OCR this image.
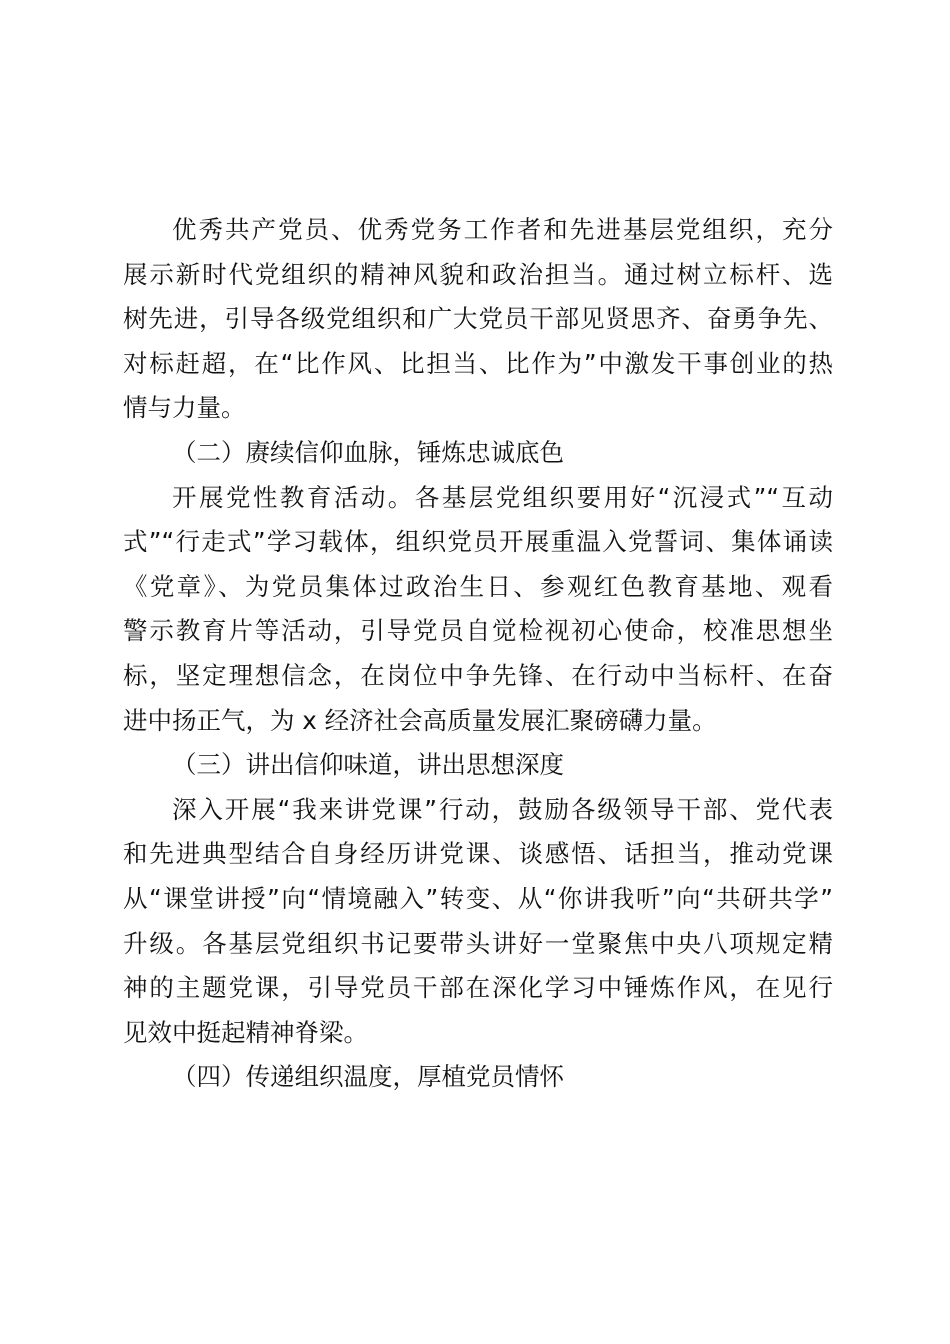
优秀共产党员、优秀党务工作者和先进基层党组织，充分
展示新时代党组织的精神风貌和政治担当。通过树立标杆、选
树先进，引导各级党组织和广大党员干部见贤思齐、奋勇争先、
对标赶超，在“比作风、比担当、比作为”中激发干事创业的热
情与力量。
（二）赓续信仰血脉，锤炼忠诚底色
开展党性教育活动。各基层党组织要用好“沉浸式”“互动
式”“行走式”学习载体，组织党员开展重温入党誓词、集体诵读
《党章》、为党员集体过政治生日、参观红色教育基地、观看
警示教育片等活动，引导党员自觉检视初心使命，校准思想坐
标，坚定理想信念，在岗位中争先锋、在行动中当标杆、在奋
进中扬正气，为 x 经济社会高质量发展汇聚磅礴力量。
（三）讲出信仰味道，讲出思想深度
深入开展“我来讲党课”行动，鼓励各级领导干部、党代表
和先进典型结合自身经历讲党课、谈感悟、话担当，推动党课
从“课堂讲授”向“情境融入”转变、从“你讲我听”向“共研共学”
升级。各基层党组织书记要带头讲好一堂聚焦中央八项规定精
神的主题党课，引导党员干部在深化学习中锤炼作风，在见行
见效中挺起精神脊梁。
（四）传递组织温度，厚植党员情怀
